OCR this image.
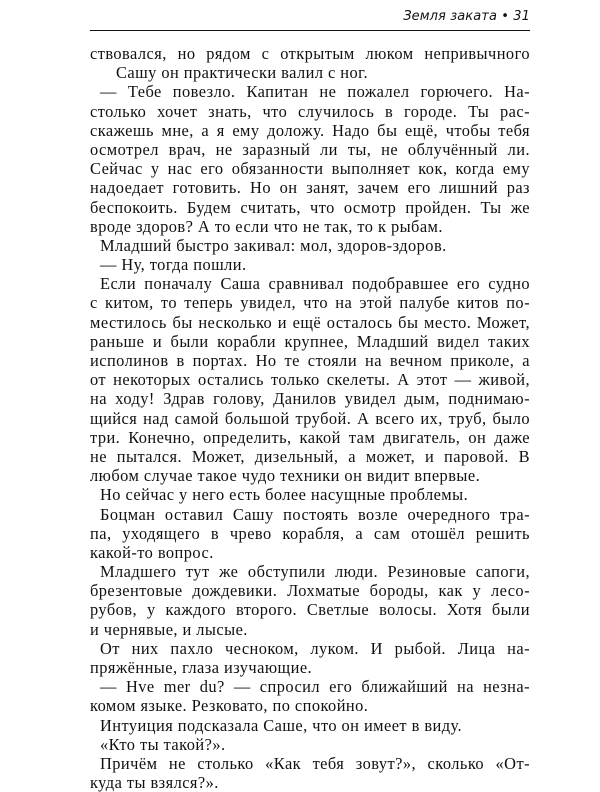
Земля заката • 31
ствовался, но рядом с открытым люком непривычного
Сашу он практически валил с ног.
— Тебе повезло. Капитан не пожалел горючего. На-
столько хочет знать, что случилось в городе. Ты рас-
скажешь мне, а я ему доложу. Надо бы ещё, чтобы тебя
осмотрел врач, не заразный ли ты, не облучённый ли.
Сейчас у нас его обязанности выполняет кок, когда ему
надоедает готовить. Но он занят, зачем его лишний раз
беспокоить. Будем считать, что осмотр пройден. Ты же
вроде здоров? А то если что не так, то к рыбам.
Младший быстро закивал: мол, здоров-здоров.
— Ну, тогда пошли.
Если поначалу Саша сравнивал подобравшее его судно
с китом, то теперь увидел, что на этой палубе китов по-
местилось бы несколько и ещё осталось бы место. Может,
раньше и были корабли крупнее, Младший видел таких
исполинов в портах. Но те стояли на вечном приколе, а
от некоторых остались только скелеты. А этот — живой,
на ходу! Здрав голову, Данилов увидел дым, поднимаю-
щийся над самой большой трубой. А всего их, труб, было
три. Конечно, определить, какой там двигатель, он даже
не пытался. Может, дизельный, а может, и паровой. В
любом случае такое чудо техники он видит впервые.
Но сейчас у него есть более насущные проблемы.
Боцман оставил Сашу постоять возле очередного тра-
па, уходящего в чрево корабля, а сам отошёл решить
какой-то вопрос.
Младшего тут же обступили люди. Резиновые сапоги,
брезентовые дождевики. Лохматые бороды, как у лесо-
рубов, у каждого второго. Светлые волосы. Хотя были
и чернявые, и лысые.
От них пахло чесноком, луком. И рыбой. Лица на-
пряжённые, глаза изучающие.
— Hve mer du? — спросил его ближайший на незна-
комом языке. Резковато, по спокойно.
Интуиция подсказала Саше, что он имеет в виду.
«Кто ты такой?».
Причём не столько «Как тебя зовут?», сколько «От-
куда ты взялся?».
